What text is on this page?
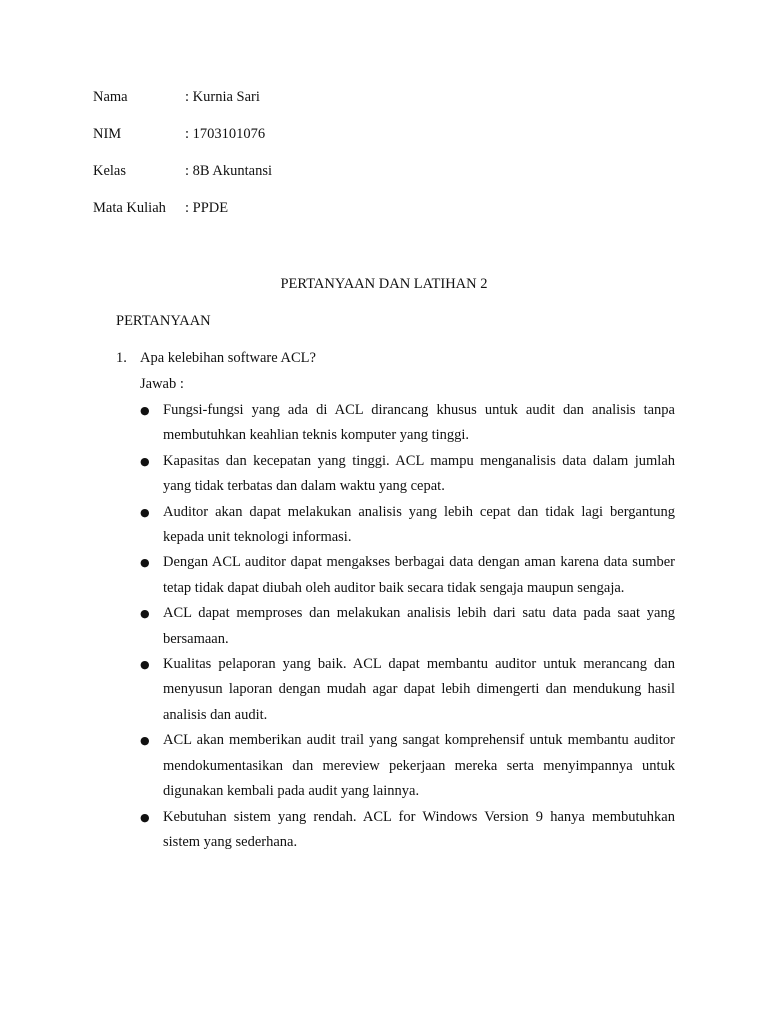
Nama	: Kurnia Sari
NIM	: 1703101076
Kelas	: 8B Akuntansi
Mata Kuliah : PPDE
PERTANYAAN DAN LATIHAN 2
PERTANYAAN
1. Apa kelebihan software ACL?
Jawab :
● Fungsi-fungsi yang ada di ACL dirancang khusus untuk audit dan analisis tanpa membutuhkan keahlian teknis komputer yang tinggi.
● Kapasitas dan kecepatan yang tinggi. ACL mampu menganalisis data dalam jumlah yang tidak terbatas dan dalam waktu yang cepat.
● Auditor akan dapat melakukan analisis yang lebih cepat dan tidak lagi bergantung kepada unit teknologi informasi.
● Dengan ACL auditor dapat mengakses berbagai data dengan aman karena data sumber tetap tidak dapat diubah oleh auditor baik secara tidak sengaja maupun sengaja.
● ACL dapat memproses dan melakukan analisis lebih dari satu data pada saat yang bersamaan.
● Kualitas pelaporan yang baik. ACL dapat membantu auditor untuk merancang dan menyusun laporan dengan mudah agar dapat lebih dimengerti dan mendukung hasil analisis dan audit.
● ACL akan memberikan audit trail yang sangat komprehensif untuk membantu auditor mendokumentasikan dan mereview pekerjaan mereka serta menyimpannya untuk digunakan kembali pada audit yang lainnya.
● Kebutuhan sistem yang rendah. ACL for Windows Version 9 hanya membutuhkan sistem yang sederhana.
